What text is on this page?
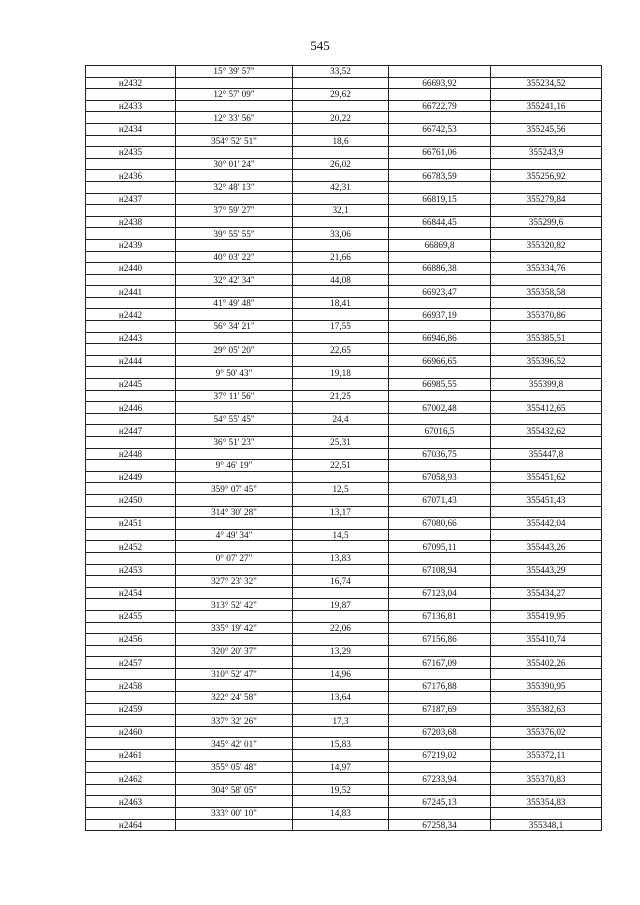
545
	15° 39' 57"	33,52		
н2432			66693,92	355234,52
	12° 57' 09"	29,62		
н2433			66722,79	355241,16
	12° 33' 56"	20,22		
н2434			66742,53	355245,56
	354° 52' 51"	18,6		
н2435			66761,06	355243,9
	30° 01' 24"	26,02		
н2436			66783,59	355256,92
	32° 48' 13"	42,31		
н2437			66819,15	355279,84
	37° 59' 27"	32,1		
н2438			66844,45	355299,6
	39° 55' 55"	33,06		
н2439			66869,8	355320,82
	40° 03' 22"	21,66		
н2440			66886,38	355334,76
	32° 42' 34"	44,08		
н2441			66923,47	355358,58
	41° 49' 48"	18,41		
н2442			66937,19	355370,86
	56° 34' 21"	17,55		
н2443			66946,86	355385,51
	29° 05' 20"	22,65		
н2444			66966,65	355396,52
	9° 50' 43"	19,18		
н2445			66985,55	355399,8
	37° 11' 56"	21,25		
н2446			67002,48	355412,65
	54° 55' 45"	24,4		
н2447			67016,5	355432,62
	36° 51' 23"	25,31		
н2448			67036,75	355447,8
	9° 46' 19"	22,51		
н2449			67058,93	355451,62
	359° 07' 45"	12,5		
н2450			67071,43	355451,43
	314° 30' 28"	13,17		
н2451			67080,66	355442,04
	4° 49' 34"	14,5		
н2452			67095,11	355443,26
	0° 07' 27"	13,83		
н2453			67108,94	355443,29
	327° 23' 32"	16,74		
н2454			67123,04	355434,27
	313° 52' 42"	19,87		
н2455			67136,81	355419,95
	335° 19' 42"	22,06		
н2456			67156,86	355410,74
	320° 20' 37"	13,29		
н2457			67167,09	355402,26
	310° 52' 47"	14,96		
н2458			67176,88	355390,95
	322° 24' 58"	13,64		
н2459			67187,69	355382,63
	337° 32' 26"	17,3		
н2460			67203,68	355376,02
	345° 42' 01"	15,83		
н2461			67219,02	355372,11
	355° 05' 48"	14,97		
н2462			67233,94	355370,83
	304° 58' 05"	19,52		
н2463			67245,13	355354,83
	333° 00' 10"	14,83		
н2464			67258,34	355348,1
